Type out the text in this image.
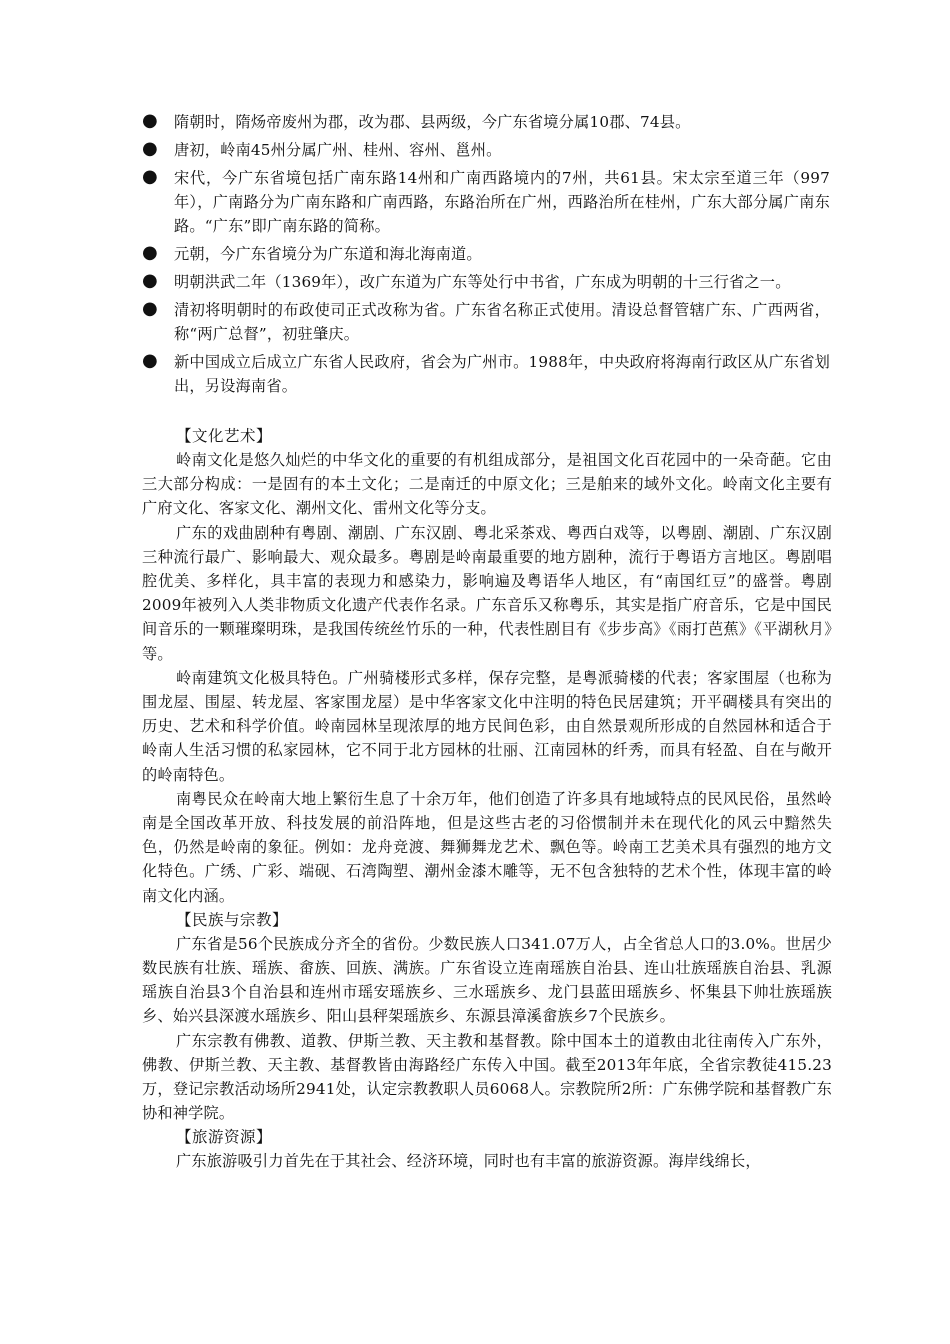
● 隋朝时，隋炀帝废州为郡，改为郡、县两级，今广东省境分属10郡、74县。
● 唐初，岭南45州分属广州、桂州、容州、邕州。
● 宋代，今广东省境包括广南东路14州和广南西路境内的7州，共61县。宋太宗至道三年（997年），广南路分为广南东路和广南西路，东路治所在广州，西路治所在桂州，广东大部分属广南东路。“广东”即广南东路的简称。
● 元朝，今广东省境分为广东道和海北海南道。
● 明朝洪武二年（1369年），改广东道为广东等处行中书省，广东成为明朝的十三行省之一。
● 清初将明朝时的布政使司正式改称为省。广东省名称正式使用。清设总督管辖广东、广西两省，称“两广总督”，初驻肇庆。
● 新中国成立后成立广东省人民政府，省会为广州市。1988年，中央政府将海南行政区从广东省划出，另设海南省。
【文化艺术】

岭南文化是悠久灿烂的中华文化的重要的有机组成部分，是祖国文化百花园中的一朵奇葩。它由三大部分构成：一是固有的本土文化；二是南迁的中原文化；三是舶来的域外文化。岭南文化主要有广府文化、客家文化、潮州文化、雷州文化等分支。

广东的戏曲剧种有粤剧、潮剧、广东汉剧、粤北采茶戏、粤西白戏等，以粤剧、潮剧、广东汉剧三种流行最广、影响最大、观众最多。粤剧是岭南最重要的地方剧种，流行于粤语方言地区。粤剧唱腔优美、多样化，具丰富的表现力和感染力，影响遍及粤语华人地区，有“南国红豆”的盛誉。粤剧2009年被列入人类非物质文化遗产代表作名录。广东音乐又称粤乐，其实是指广府音乐，它是中国民间音乐的一颗璀璨明珠，是我国传统丝竹乐的一种，代表性剧目有《步步高》《雨打芭蕉》《平湖秋月》等。

岭南建筑文化极具特色。广州骑楼形式多样，保存完整，是粤派骑楼的代表；客家围屋（也称为围龙屋、围屋、转龙屋、客家围龙屋）是中华客家文化中注明的特色民居建筑；开平碉楼具有突出的历史、艺术和科学价值。岭南园林呈现浓厚的地方民间色彩，由自然景观所形成的自然园林和适合于岭南人生活习惯的私家园林，它不同于北方园林的壮丽、江南园林的纤秀，而具有轻盈、自在与敞开的岭南特色。

南粤民众在岭南大地上繁衍生息了十余万年，他们创造了许多具有地域特点的民风民俗，虽然岭南是全国改革开放、科技发展的前沿阵地，但是这些古老的习俗惯制并未在现代化的风云中黯然失色，仍然是岭南的象征。例如：龙舟竞渡、舞狮舞龙艺术、飘色等。岭南工艺美术具有强烈的地方文化特色。广绣、广彩、端砚、石湾陶塑、潮州金漆木雕等，无不包含独特的艺术个性，体现丰富的岭南文化内涵。

【民族与宗教】

广东省是56个民族成分齐全的省份。少数民族人口341.07万人，占全省总人口的3.0%。世居少数民族有壮族、瑶族、畲族、回族、满族。广东省设立连南瑶族自治县、连山壮族瑶族自治县、乳源瑶族自治县3个自治县和连州市瑶安瑶族乡、三水瑶族乡、龙门县蓝田瑶族乡、怀集县下帅壮族瑶族乡、始兴县深渡水瑶族乡、阳山县秤架瑶族乡、东源县漳溪畲族乡7个民族乡。

广东宗教有佛教、道教、伊斯兰教、天主教和基督教。除中国本土的道教由北往南传入广东外，佛教、伊斯兰教、天主教、基督教皆由海路经广东传入中国。截至2013年年底，全省宗教徒415.23万，登记宗教活动场所2941处，认定宗教教职人员6068人。宗教院所2所：广东佛学院和基督教广东协和神学院。

【旅游资源】

广东旅游吸引力首先在于其社会、经济环境，同时也有丰富的旅游资源。海岸线绵长，
